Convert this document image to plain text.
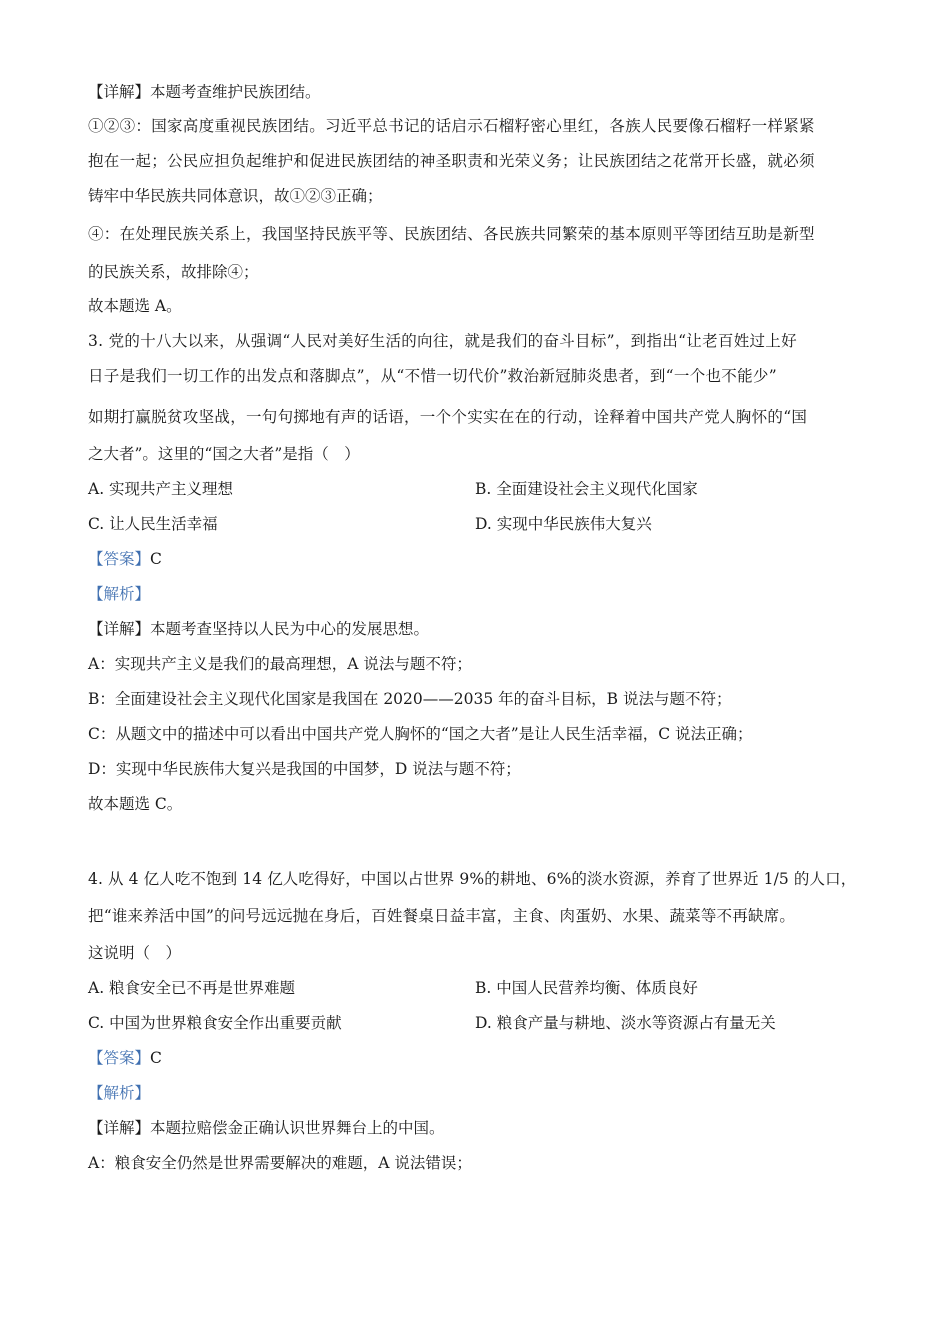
【详解】本题考查维护民族团结。
①②③：国家高度重视民族团结。习近平总书记的话启示石榴籽密心里红，各族人民要像石榴籽一样紧紧
抱在一起；公民应担负起维护和促进民族团结的神圣职责和光荣义务；让民族团结之花常开长盛，就必须
铸牢中华民族共同体意识，故①②③正确；
④：在处理民族关系上，我国坚持民族平等、民族团结、各民族共同繁荣的基本原则平等团结互助是新型
的民族关系，故排除④；
故本题选 A。
3. 党的十八大以来，从强调“人民对美好生活的向往，就是我们的奋斗目标”，到指出“让老百姓过上好
日子是我们一切工作的出发点和落脚点”，从“不惜一切代价”救治新冠肺炎患者，到“一个也不能少”
如期打赢脱贫攻坚战，一句句掷地有声的话语，一个个实实在在的行动，诠释着中国共产党人胸怀的“国
之大者”。这里的“国之大者”是指（　）
A. 实现共产主义理想	B. 全面建设社会主义现代化国家
C. 让人民生活幸福	D. 实现中华民族伟大复兴
【答案】C
【解析】
【详解】本题考查坚持以人民为中心的发展思想。
A：实现共产主义是我们的最高理想，A 说法与题不符；
B：全面建设社会主义现代化国家是我国在 2020——2035 年的奋斗目标，B 说法与题不符；
C：从题文中的描述中可以看出中国共产党人胸怀的“国之大者”是让人民生活幸福，C 说法正确；
D：实现中华民族伟大复兴是我国的中国梦，D 说法与题不符；
故本题选 C。
4. 从 4 亿人吃不饱到 14 亿人吃得好，中国以占世界 9%的耕地、6%的淡水资源，养育了世界近 1/5 的人口，
把“谁来养活中国”的问号远远抛在身后，百姓餐桌日益丰富，主食、肉蛋奶、水果、蔬菜等不再缺席。
这说明（　）
A. 粮食安全已不再是世界难题	B. 中国人民营养均衡、体质良好
C. 中国为世界粮食安全作出重要贡献	D. 粮食产量与耕地、淡水等资源占有量无关
【答案】C
【解析】
【详解】本题拉赔偿金正确认识世界舞台上的中国。
A：粮食安全仍然是世界需要解决的难题，A 说法错误；
